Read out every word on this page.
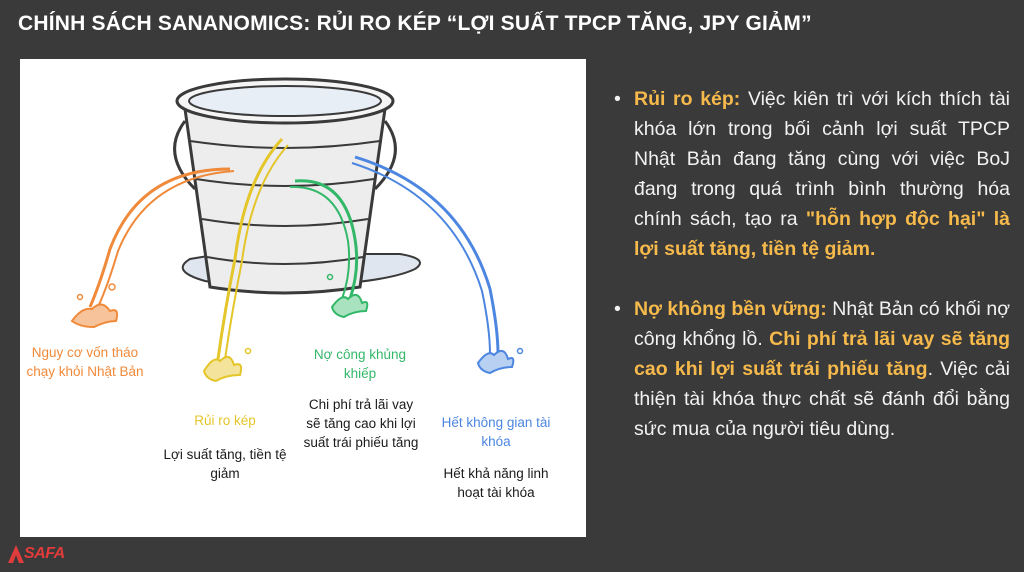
CHÍNH SÁCH SANANOMICS: RỦI RO KÉP “LỢI SUẤT TPCP TĂNG, JPY GIẢM”
Nguy cơ vốn tháo chạy khỏi Nhật Bản
Rủi ro kép
Lợi suất tăng, tiền tệ giảm
Nợ công khủng khiếp
Chi phí trả lãi vay sẽ tăng cao khi lợi suất trái phiếu tăng
Hết không gian tài khóa
Hết khả năng linh hoạt tài khóa
• Rủi ro kép: Việc kiên trì với kích thích tài khóa lớn trong bối cảnh lợi suất TPCP Nhật Bản đang tăng cùng với việc BoJ đang trong quá trình bình thường hóa chính sách, tạo ra "hỗn hợp độc hại" là lợi suất tăng, tiền tệ giảm.
• Nợ không bền vững: Nhật Bản có khối nợ công khổng lồ. Chi phí trả lãi vay sẽ tăng cao khi lợi suất trái phiếu tăng. Việc cải thiện tài khóa thực chất sẽ đánh đổi bằng sức mua của người tiêu dùng.
SAFA
